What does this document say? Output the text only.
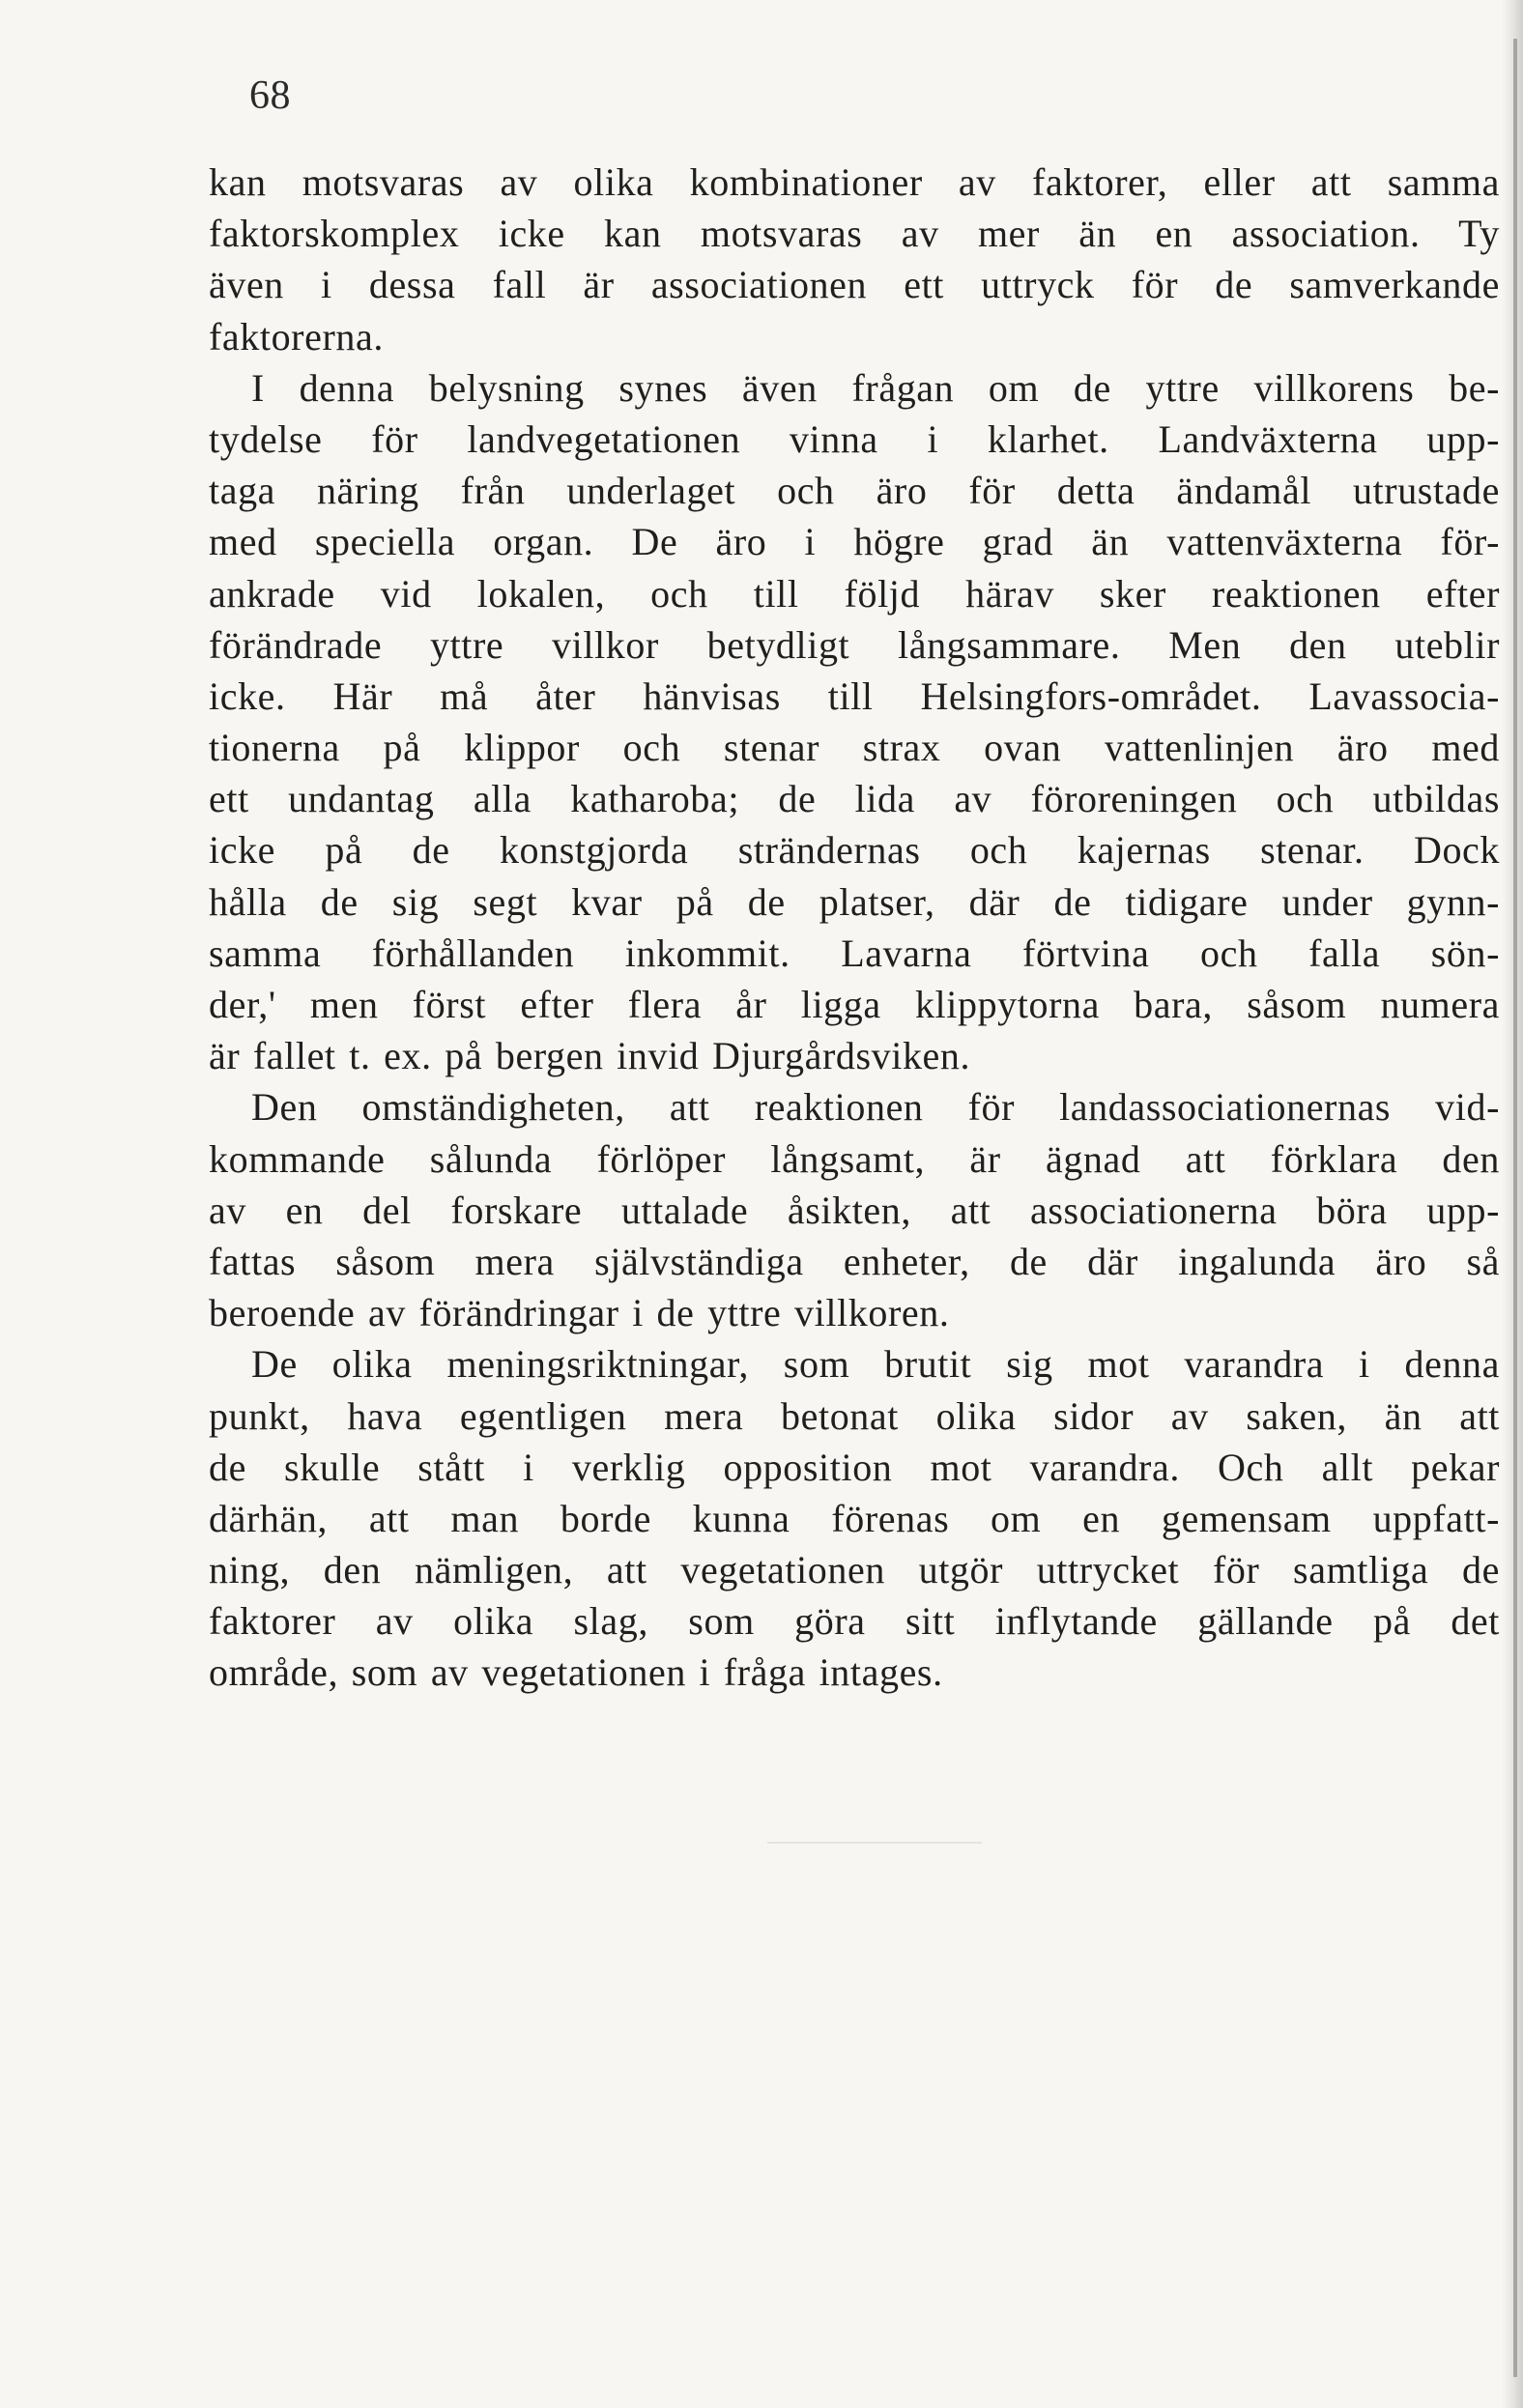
68
kan motsvaras av olika kombinationer av faktorer, eller att samma
faktorskomplex icke kan motsvaras av mer än en association. Ty
även i dessa fall är associationen ett uttryck för de samverkande
faktorerna.
I denna belysning synes även frågan om de yttre villkorens be-
tydelse för landvegetationen vinna i klarhet. Landväxterna upp-
taga näring från underlaget och äro för detta ändamål utrustade
med speciella organ. De äro i högre grad än vattenväxterna för-
ankrade vid lokalen, och till följd härav sker reaktionen efter
förändrade yttre villkor betydligt långsammare. Men den uteblir
icke. Här må åter hänvisas till Helsingfors-området. Lavassocia-
tionerna på klippor och stenar strax ovan vattenlinjen äro med
ett undantag alla katharoba; de lida av föroreningen och utbildas
icke på de konstgjorda strändernas och kajernas stenar. Dock
hålla de sig segt kvar på de platser, där de tidigare under gynn-
samma förhållanden inkommit. Lavarna förtvina och falla sön-
der,' men först efter flera år ligga klippytorna bara, såsom numera
är fallet t. ex. på bergen invid Djurgårdsviken.
Den omständigheten, att reaktionen för landassociationernas vid-
kommande sålunda förlöper långsamt, är ägnad att förklara den
av en del forskare uttalade åsikten, att associationerna böra upp-
fattas såsom mera självständiga enheter, de där ingalunda äro så
beroende av förändringar i de yttre villkoren.
De olika meningsriktningar, som brutit sig mot varandra i denna
punkt, hava egentligen mera betonat olika sidor av saken, än att
de skulle stått i verklig opposition mot varandra. Och allt pekar
därhän, att man borde kunna förenas om en gemensam uppfatt-
ning, den nämligen, att vegetationen utgör uttrycket för samtliga de
faktorer av olika slag, som göra sitt inflytande gällande på det
område, som av vegetationen i fråga intages.
